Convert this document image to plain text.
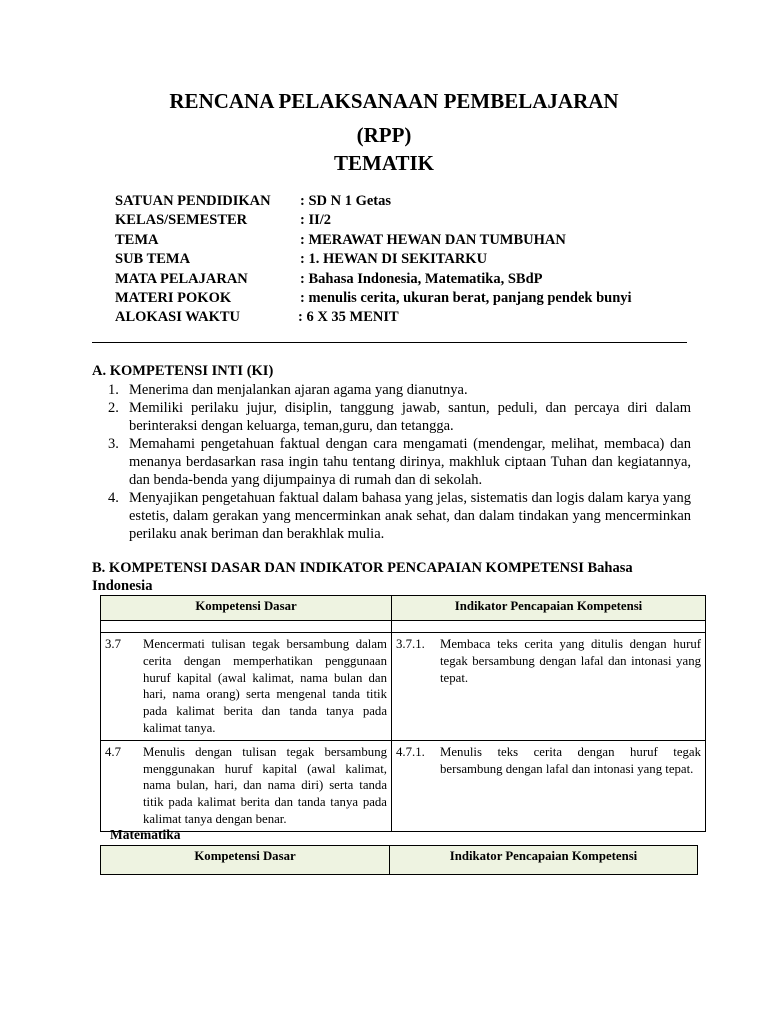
RENCANA PELAKSANAAN PEMBELAJARAN
(RPP)
TEMATIK
SATUAN PENDIDIKAN : SD N 1 Getas
KELAS/SEMESTER	: II/2
TEMA	: MERAWAT HEWAN DAN TUMBUHAN
SUB TEMA	: 1. HEWAN DI SEKITARKU
MATA PELAJARAN	: Bahasa Indonesia, Matematika, SBdP
MATERI POKOK	: menulis cerita, ukuran berat, panjang pendek bunyi
ALOKASI WAKTU	: 6 X 35 MENIT
A. KOMPETENSI INTI (KI)
1. Menerima dan menjalankan ajaran agama yang dianutnya.
2. Memiliki perilaku jujur, disiplin, tanggung jawab, santun, peduli, dan percaya diri dalam berinteraksi dengan keluarga, teman,guru, dan tetangga.
3. Memahami pengetahuan faktual dengan cara mengamati (mendengar, melihat, membaca) dan menanya berdasarkan rasa ingin tahu tentang dirinya, makhluk ciptaan Tuhan dan kegiatannya, dan benda-benda yang dijumpainya di rumah dan di sekolah.
4. Menyajikan pengetahuan faktual dalam bahasa yang jelas, sistematis dan logis dalam karya yang estetis, dalam gerakan yang mencerminkan anak sehat, dan dalam tindakan yang mencerminkan perilaku anak beriman dan berakhlak mulia.
B. KOMPETENSI DASAR DAN INDIKATOR PENCAPAIAN KOMPETENSI Bahasa Indonesia
Kompetensi Dasar	Indikator Pencapaian Kompetensi

3.7 Mencermati tulisan tegak bersambung dalam cerita dengan memperhatikan penggunaan huruf kapital (awal kalimat, nama bulan dan hari, nama orang) serta mengenal tanda titik pada kalimat berita dan tanda tanya pada kalimat tanya.	3.7.1. Membaca teks cerita yang ditulis dengan huruf tegak bersambung dengan lafal dan intonasi yang tepat.

4.7 Menulis dengan tulisan tegak bersambung menggunakan huruf kapital (awal kalimat, nama bulan, hari, dan nama diri) serta tanda titik pada kalimat berita dan tanda tanya pada kalimat tanya dengan benar.	4.7.1. Menulis teks cerita dengan huruf tegak bersambung dengan lafal dan intonasi yang tepat.
Matematika
Kompetensi Dasar	Indikator Pencapaian Kompetensi
